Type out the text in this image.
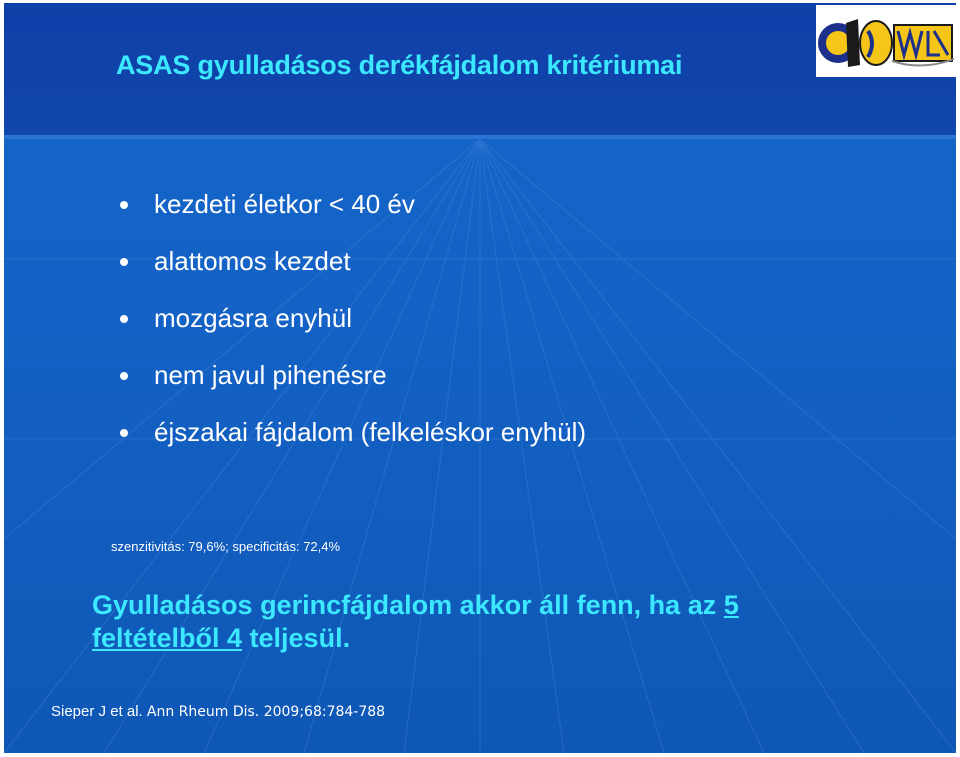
ASAS gyulladásos derékfájdalom kritériumai
kezdeti életkor < 40 év
alattomos kezdet
mozgásra enyhül
nem javul pihenésre
éjszakai fájdalom (felkeléskor enyhül)
szenzitivitás: 79,6%; specificitás: 72,4%
Gyulladásos gerincfájdalom akkor áll fenn, ha az 5
feltételből 4 teljesül.
Sieper J et al. Ann Rheum Dis. 2009;68:784-788
